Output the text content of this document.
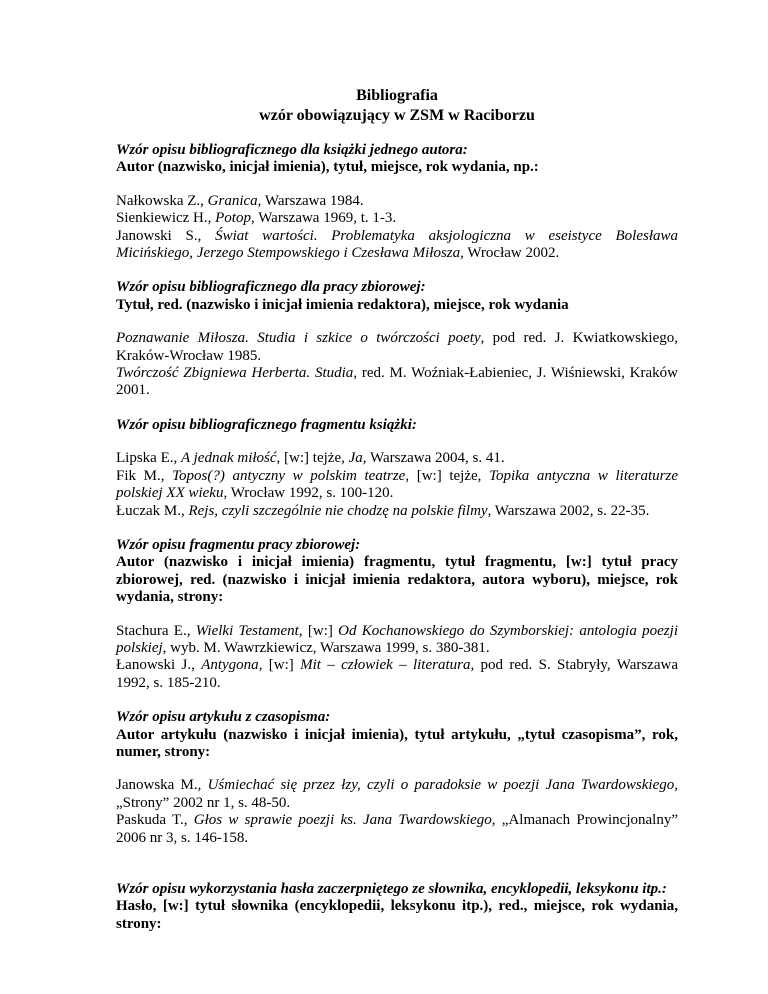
Bibliografia
wzór obowiązujący w ZSM w Raciborzu
Wzór opisu bibliograficznego dla książki jednego autora:
Autor (nazwisko, inicjał imienia), tytuł, miejsce, rok wydania, np.:
Nałkowska Z., Granica, Warszawa 1984.
Sienkiewicz H., Potop, Warszawa 1969, t. 1-3.
Janowski S., Świat wartości. Problematyka aksjologiczna w eseistyce Bolesława Micińskiego, Jerzego Stempowskiego i Czesława Miłosza, Wrocław 2002.
Wzór opisu bibliograficznego dla pracy zbiorowej:
Tytuł, red. (nazwisko i inicjał imienia redaktora), miejsce, rok wydania
Poznawanie Miłosza. Studia i szkice o twórczości poety, pod red. J. Kwiatkowskiego, Kraków-Wrocław 1985.
Twórczość Zbigniewa Herberta. Studia, red. M. Woźniak-Łabieniec, J. Wiśniewski, Kraków 2001.
Wzór opisu bibliograficznego fragmentu książki:
Lipska E., A jednak miłość, [w:] tejże, Ja, Warszawa 2004, s. 41.
Fik M., Topos(?) antyczny w polskim teatrze, [w:] tejże, Topika antyczna w literaturze polskiej XX wieku, Wrocław 1992, s. 100-120.
Łuczak M., Rejs, czyli szczególnie nie chodzę na polskie filmy, Warszawa 2002, s. 22-35.
Wzór opisu fragmentu pracy zbiorowej:
Autor (nazwisko i inicjał imienia) fragmentu, tytuł fragmentu, [w:] tytuł pracy zbiorowej, red. (nazwisko i inicjał imienia redaktora, autora wyboru), miejsce, rok wydania, strony:
Stachura E., Wielki Testament, [w:] Od Kochanowskiego do Szymborskiej: antologia poezji polskiej, wyb. M. Wawrzkiewicz, Warszawa 1999, s. 380-381.
Łanowski J., Antygona, [w:] Mit – człowiek – literatura, pod red. S. Stabryły, Warszawa 1992, s. 185-210.
Wzór opisu artykułu z czasopisma:
Autor artykułu (nazwisko i inicjał imienia), tytuł artykułu, „tytuł czasopisma”, rok, numer, strony:
Janowska M., Uśmiechać się przez łzy, czyli o paradoksie w poezji Jana Twardowskiego, „Strony” 2002 nr 1, s. 48-50.
Paskuda T., Głos w sprawie poezji ks. Jana Twardowskiego, „Almanach Prowincjonalny” 2006 nr 3, s. 146-158.
Wzór opisu wykorzystania hasła zaczerpniętego ze słownika, encyklopedii, leksykonu itp.:
Hasło, [w:] tytuł słownika (encyklopedii, leksykonu itp.), red., miejsce, rok wydania, strony:
